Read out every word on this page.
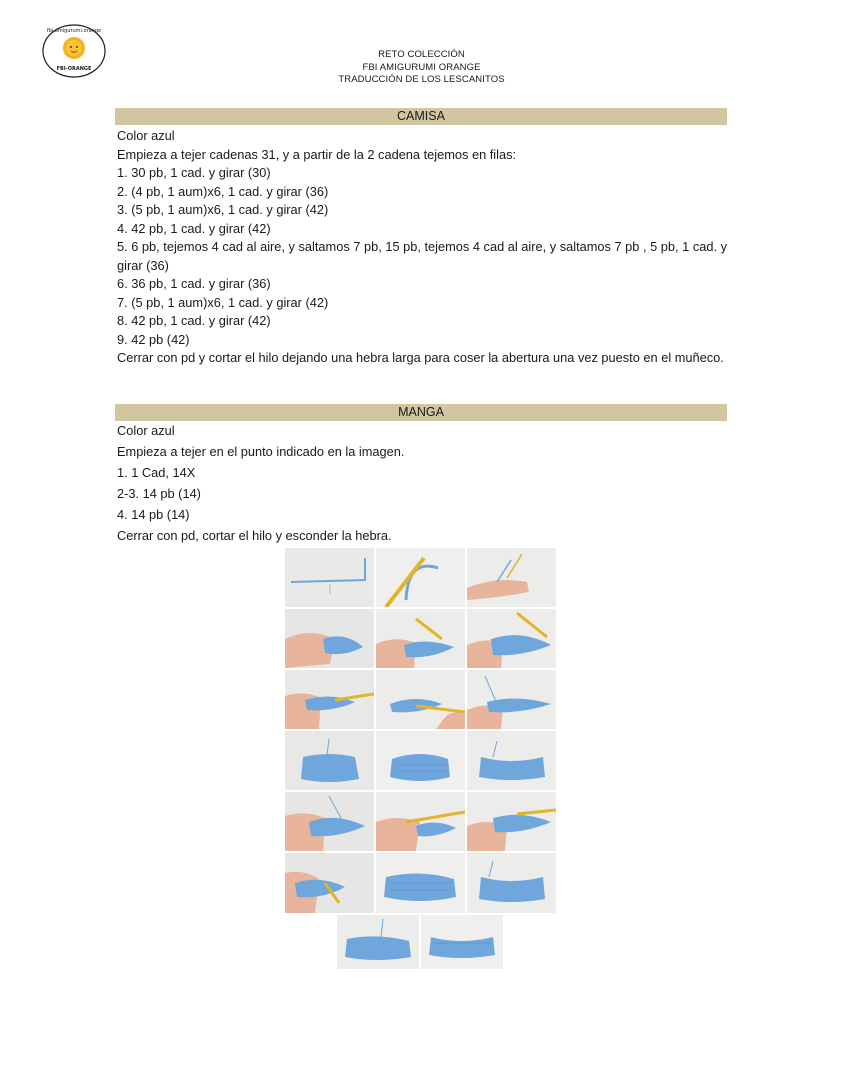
fbi.amigurumi.orange
FBI-ORANGE
RETO COLECCIÓN
FBI AMIGURUMI ORANGE
TRADUCCIÓN DE LOS LESCANITOS
CAMISA

Color azul

Empieza a tejer cadenas 31, y a partir de la 2 cadena tejemos en filas:

1. 30 pb, 1 cad. y girar (30)

2. (4 pb, 1 aum)x6, 1 cad. y girar (36)

3. (5 pb, 1 aum)x6, 1 cad. y girar (42)

4. 42 pb, 1 cad. y girar (42)

5. 6 pb, tejemos 4 cad al aire, y saltamos 7 pb, 15 pb, tejemos 4 cad al aire, y saltamos 7 pb , 5 pb, 1 cad. y girar (36)

6. 36 pb, 1 cad. y girar (36)

7. (5 pb, 1 aum)x6, 1 cad. y girar (42)

8. 42 pb, 1 cad. y girar (42)

9. 42 pb (42)

Cerrar con pd y cortar el hilo dejando una hebra larga para coser la abertura una vez puesto en el muñeco.

MANGA

Color azul

Empieza a tejer en el punto indicado en la imagen.

1. 1 Cad, 14X

2-3. 14 pb (14)

4. 14 pb (14)

Cerrar con pd, cortar el hilo y esconder la hebra.
